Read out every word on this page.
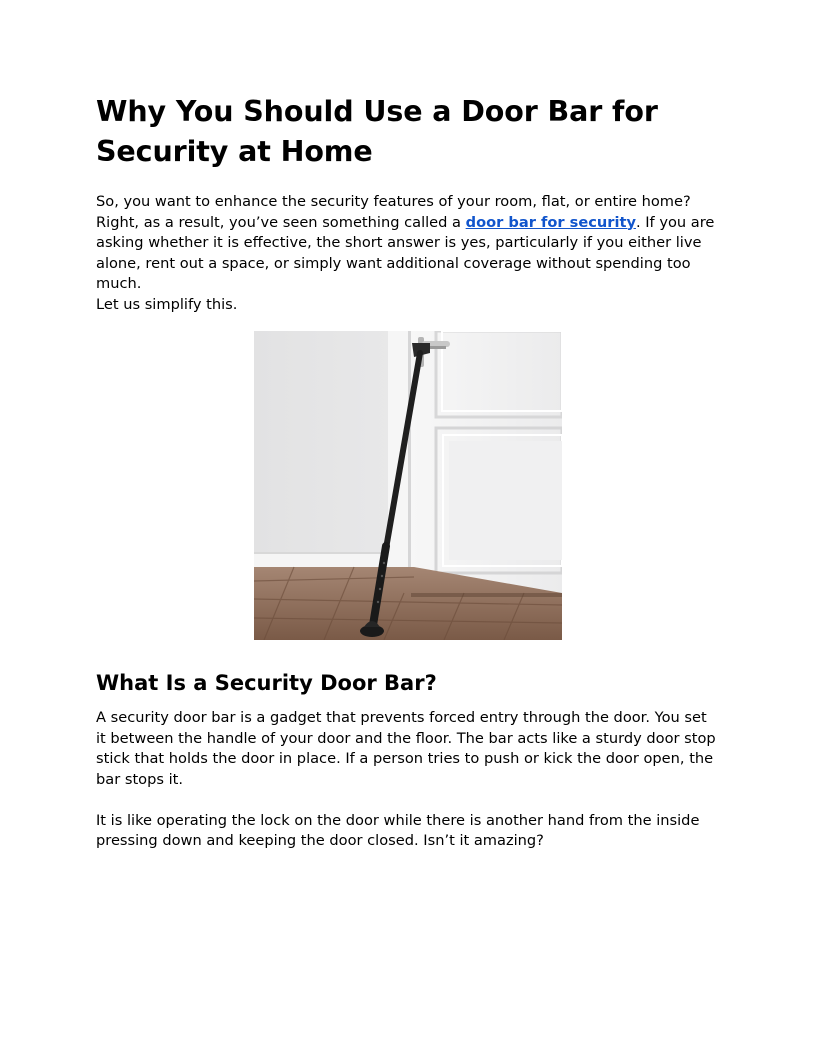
Why You Should Use a Door Bar for Security at Home

So, you want to enhance the security features of your room, flat, or entire home? Right, as a result, you’ve seen something called a door bar for security. If you are asking whether it is effective, the short answer is yes, particularly if you either live alone, rent out a space, or simply want additional coverage without spending too much.

Let us simplify this.

What Is a Security Door Bar?

A security door bar is a gadget that prevents forced entry through the door. You set it between the handle of your door and the floor. The bar acts like a sturdy door stop stick that holds the door in place. If a person tries to push or kick the door open, the bar stops it.

It is like operating the lock on the door while there is another hand from the inside pressing down and keeping the door closed. Isn’t it amazing?
